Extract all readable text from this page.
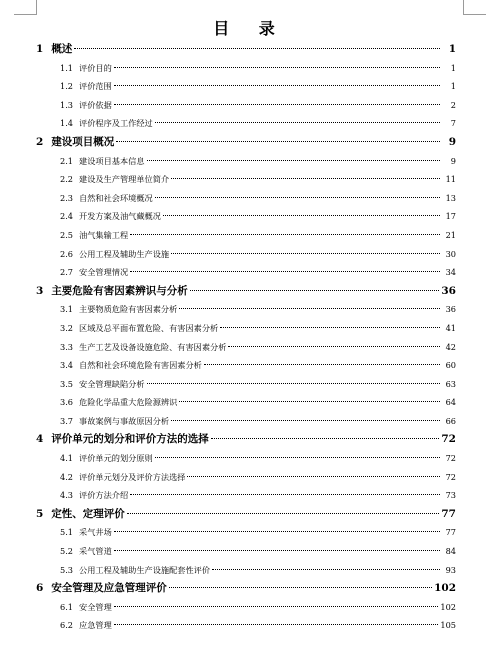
目 录
1 概述	1
1.1 评价目的	1
1.2 评价范围	1
1.3 评价依据	2
1.4 评价程序及工作经过	7
2 建设项目概况	9
2.1 建设项目基本信息	9
2.2 建设及生产管理单位简介	11
2.3 自然和社会环境概况	13
2.4 开发方案及油气藏概况	17
2.5 油气集输工程	21
2.6 公用工程及辅助生产设施	30
2.7 安全管理情况	34
3 主要危险有害因素辨识与分析	36
3.1 主要物质危险有害因素分析	36
3.2 区域及总平面布置危险、有害因素分析	41
3.3 生产工艺及设备设施危险、有害因素分析	42
3.4 自然和社会环境危险有害因素分析	60
3.5 安全管理缺陷分析	63
3.6 危险化学品重大危险源辨识	64
3.7 事故案例与事故原因分析	66
4 评价单元的划分和评价方法的选择	72
4.1 评价单元的划分原则	72
4.2 评价单元划分及评价方法选择	72
4.3 评价方法介绍	73
5 定性、定理评价	77
5.1 采气井场	77
5.2 采气管道	84
5.3 公用工程及辅助生产设施配套性评价	93
6 安全管理及应急管理评价	102
6.1 安全管理	102
6.2 应急管理	105
